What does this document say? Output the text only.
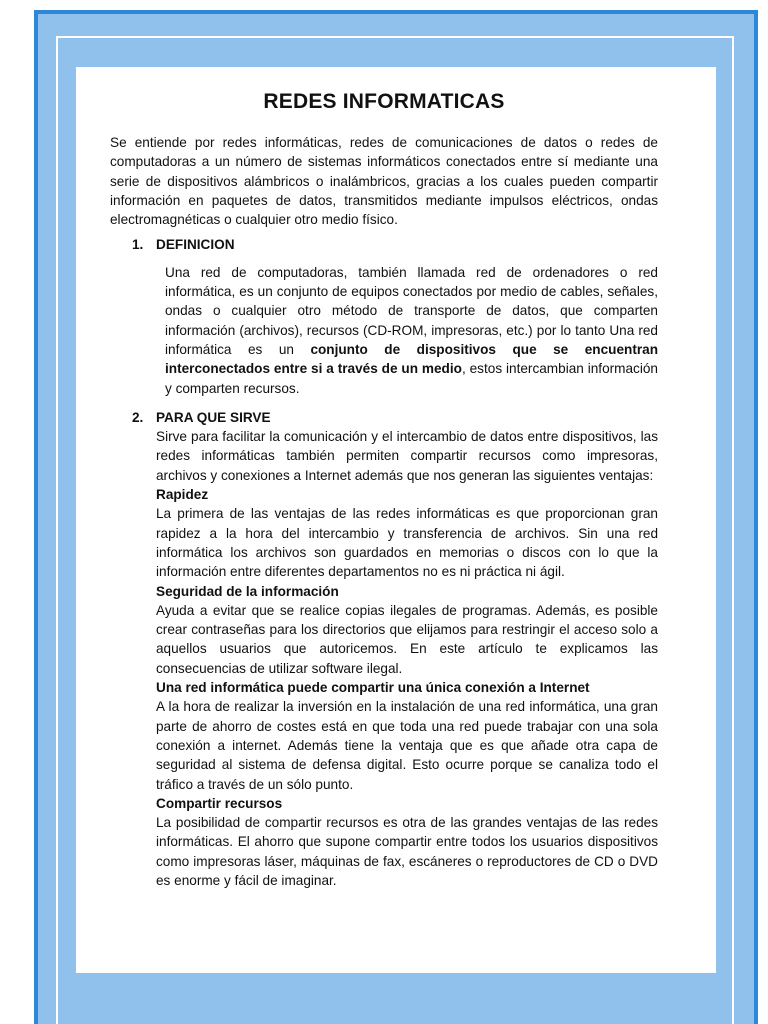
REDES INFORMATICAS

Se entiende por redes informáticas, redes de comunicaciones de datos o redes de computadoras a un número de sistemas informáticos conectados entre sí mediante una serie de dispositivos alámbricos o inalámbricos, gracias a los cuales pueden compartir información en paquetes de datos, transmitidos mediante impulsos eléctricos, ondas electromagnéticas o cualquier otro medio físico.

1. DEFINICION

Una red de computadoras, también llamada red de ordenadores o red informática, es un conjunto de equipos conectados por medio de cables, señales, ondas o cualquier otro método de transporte de datos, que comparten información (archivos), recursos (CD-ROM, impresoras, etc.) por lo tanto Una red informática es un conjunto de dispositivos que se encuentran interconectados entre si a través de un medio, estos intercambian información y comparten recursos.

2. PARA QUE SIRVE

Sirve para facilitar la comunicación y el intercambio de datos entre dispositivos, las redes informáticas también permiten compartir recursos como impresoras, archivos y conexiones a Internet además que nos generan las siguientes ventajas:

Rapidez

La primera de las ventajas de las redes informáticas es que proporcionan gran rapidez a la hora del intercambio y transferencia de archivos. Sin una red informática los archivos son guardados en memorias o discos con lo que la información entre diferentes departamentos no es ni práctica ni ágil.

Seguridad de la información

Ayuda a evitar que se realice copias ilegales de programas. Además, es posible crear contraseñas para los directorios que elijamos para restringir el acceso solo a aquellos usuarios que autoricemos. En este artículo te explicamos las consecuencias de utilizar software ilegal.

Una red informática puede compartir una única conexión a Internet

A la hora de realizar la inversión en la instalación de una red informática, una gran parte de ahorro de costes está en que toda una red puede trabajar con una sola conexión a internet. Además tiene la ventaja que es que añade otra capa de seguridad al sistema de defensa digital. Esto ocurre porque se canaliza todo el tráfico a través de un sólo punto.

Compartir recursos

La posibilidad de compartir recursos es otra de las grandes ventajas de las redes informáticas. El ahorro que supone compartir entre todos los usuarios dispositivos como impresoras láser, máquinas de fax, escáneres o reproductores de CD o DVD es enorme y fácil de imaginar.
